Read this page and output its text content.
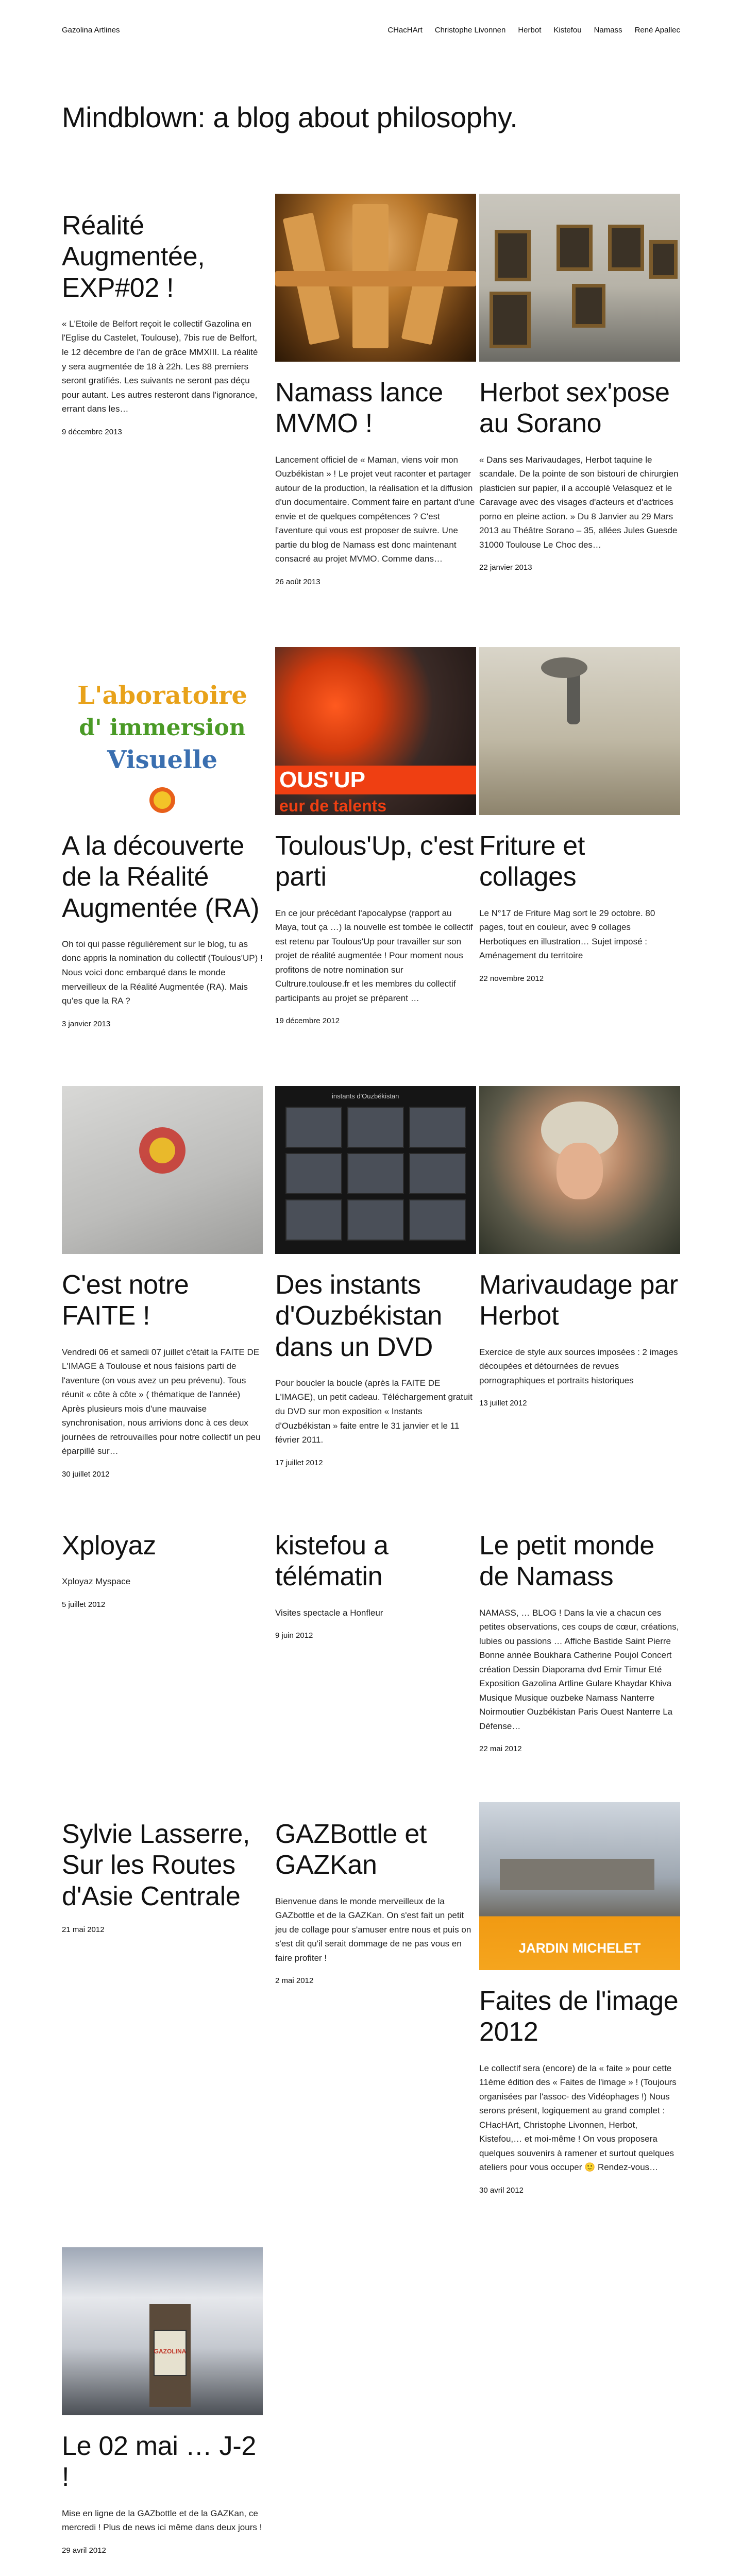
Gazolina Artlines	CHacHArt Christophe Livonnen Herbot Kistefou Namass René Apallec
Mindblown: a blog about philosophy.
Réalité Augmentée, EXP#02 !

« L'Etoile de Belfort reçoit le collectif Gazolina en l'Eglise du Castelet, Toulouse), 7bis rue de Belfort, le 12 décembre de l'an de grâce MMXIII. La réalité y sera augmentée de 18 à 22h. Les 88 premiers seront gratifiés. Les suivants ne seront pas déçu pour autant. Les autres resteront dans l'ignorance, errant dans les…

9 décembre 2013
Namass lance MVMO !

Lancement officiel de « Maman, viens voir mon Ouzbékistan » ! Le projet veut raconter et partager autour de la production, la réalisation et la diffusion d'un documentaire. Comment faire en partant d'une envie et de quelques compétences ? C'est l'aventure qui vous est proposer de suivre. Une partie du blog de Namass est donc maintenant consacré au projet MVMO. Comme dans…

26 août 2013
Herbot sex'pose au Sorano

« Dans ses Marivaudages, Herbot taquine le scandale. De la pointe de son bistouri de chirurgien plasticien sur papier, il a accouplé Velasquez et le Caravage avec des visages d'acteurs et d'actrices porno en pleine action. » Du 8 Janvier au 29 Mars 2013 au Théâtre Sorano – 35, allées Jules Guesde 31000 Toulouse Le Choc des…

22 janvier 2013
L'aboratoire
d' immersion
Visuelle
A la découverte de la Réalité Augmentée (RA)

Oh toi qui passe régulièrement sur le blog, tu as donc appris la nomination du collectif (Toulous'UP) ! Nous voici donc embarqué dans le monde merveilleux de la Réalité Augmentée (RA). Mais qu'es que la RA ?

3 janvier 2013
OUS'UP
eur de talents
Toulous'Up, c'est parti

En ce jour précédant l'apocalypse (rapport au Maya, tout ça …) la nouvelle est tombée le collectif est retenu par Toulous'Up pour travailler sur son projet de réalité augmentée ! Pour moment nous profitons de notre nomination sur Cultrure.toulouse.fr et les membres du collectif participants au projet se préparent …

19 décembre 2012
Friture et collages

Le N°17 de Friture Mag sort le 29 octobre. 80 pages, tout en couleur, avec 9 collages Herbotiques en illustration… Sujet imposé : Aménagement du territoire

22 novembre 2012
C'est notre FAITE !

Vendredi 06 et samedi 07 juillet c'était la FAITE DE L'IMAGE à Toulouse et nous faisions parti de l'aventure (on vous avez un peu prévenu). Tous réunit « côte à côte » ( thématique de l'année) Après plusieurs mois d'une mauvaise synchronisation, nous arrivions donc à ces deux journées de retrouvailles pour notre collectif un peu éparpillé sur…

30 juillet 2012
instants d'Ouzbékistan
Des instants d'Ouzbékistan dans un DVD

Pour boucler la boucle (après la FAITE DE L'IMAGE), un petit cadeau. Téléchargement gratuit du DVD sur mon exposition « Instants d'Ouzbékistan » faite entre le 31 janvier et le 11 février 2011.

17 juillet 2012
Marivaudage par Herbot

Exercice de style aux sources imposées : 2 images découpées et détournées de revues pornographiques et portraits historiques

13 juillet 2012
Xployaz

Xployaz Myspace

5 juillet 2012
kistefou a télématin

Visites spectacle a Honfleur

9 juin 2012
Le petit monde de Namass

NAMASS, … BLOG ! Dans la vie a chacun ces petites observations, ces coups de cœur, créations, lubies ou passions … Affiche Bastide Saint Pierre Bonne année Boukhara Catherine Poujol Concert création Dessin Diaporama dvd Emir Timur Eté Exposition Gazolina Artline Gulare Khaydar Khiva Musique Musique ouzbeke Namass Nanterre Noirmoutier Ouzbékistan Paris Ouest Nanterre La Défense…

22 mai 2012
Sylvie Lasserre, Sur les Routes d'Asie Centrale
21 mai 2012
GAZBottle et GAZKan

Bienvenue dans le monde merveilleux de la GAZbottle et de la GAZKan. On s'est fait un petit jeu de collage pour s'amuser entre nous et puis on s'est dit qu'il serait dommage de ne pas vous en faire profiter !

2 mai 2012
JARDIN MICHELET
Faites de l'image 2012

Le collectif sera (encore) de la « faite » pour cette 11ème édition des « Faites de l'image » ! (Toujours organisées par l'assoc- des Vidéophages !) Nous serons présent, logiquement au grand complet : CHacHArt, Christophe Livonnen, Herbot, Kistefou,… et moi-même ! On vous proposera quelques souvenirs à ramener et surtout quelques ateliers pour vous occuper 🙂 Rendez-vous…

30 avril 2012
GAZOLINA
Le 02 mai … J-2 !

Mise en ligne de la GAZbottle et de la GAZKan, ce mercredi ! Plus de news ici même dans deux jours !

29 avril 2012
